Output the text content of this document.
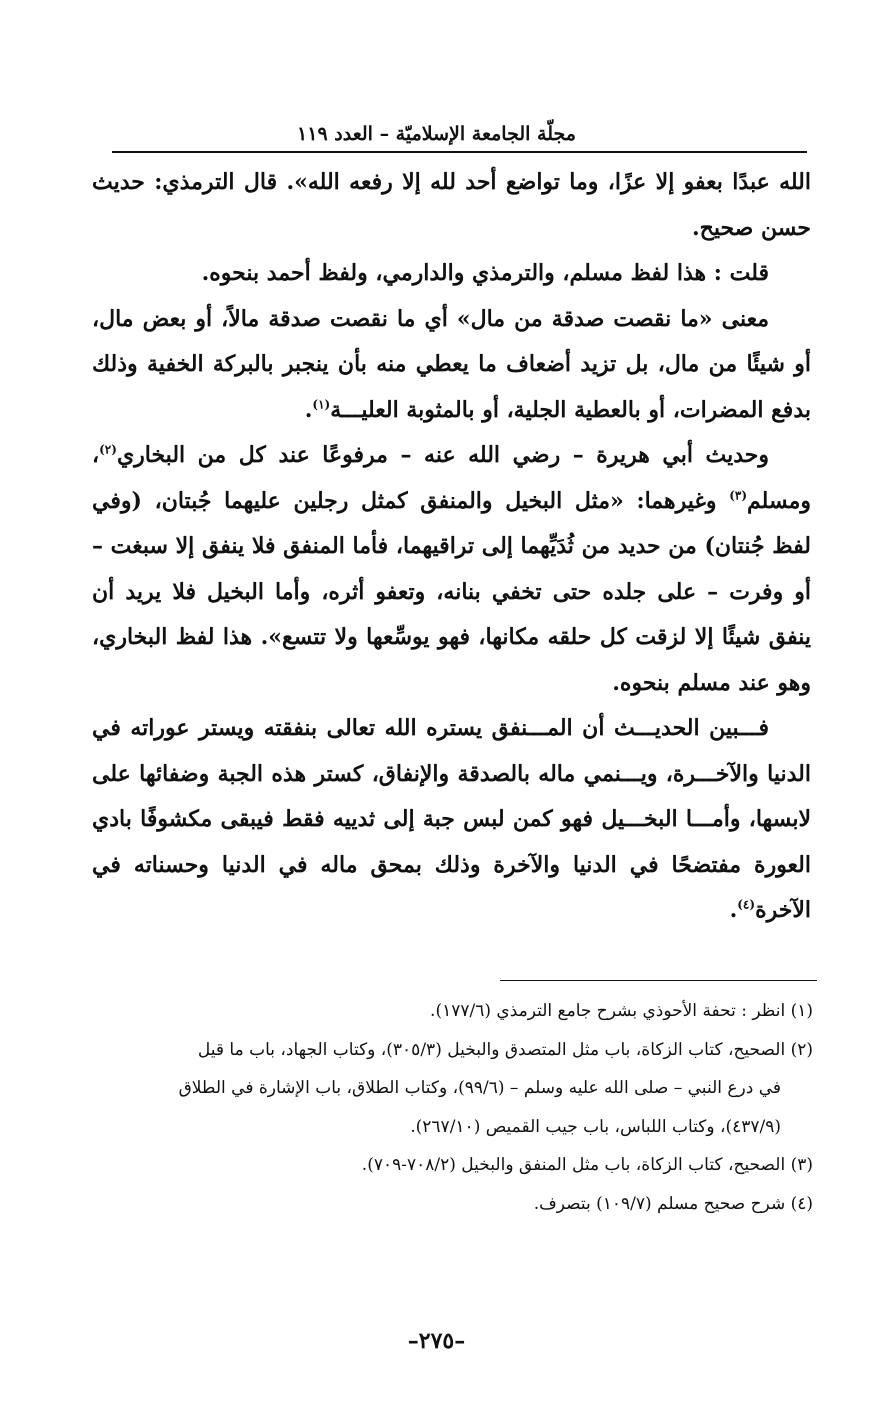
مجلّة الجامعة الإسلاميّة – العدد ١١٩

الله عبدًا بعفو إلا عزًا، وما تواضع أحد لله إلا رفعه الله». قال الترمذي: حديث حسن صحيح.

قلت : هذا لفظ مسلم، والترمذي والدارمي، ولفظ أحمد بنحوه.

معنى «ما نقصت صدقة من مال» أي ما نقصت صدقة مالاً، أو بعض مال، أو شيئًا من مال، بل تزيد أضعاف ما يعطي منه بأن ينجبر بالبركة الخفية وذلك بدفع المضرات، أو بالعطية الجلية، أو بالمثوبة العليـــة$^{(١)}$.

وحديث أبي هريرة – رضي الله عنه – مرفوعًا عند كل من البخاري$^{(٢)}$، ومسلم$^{(٣)}$ وغيرهما: «مثل البخيل والمنفق كمثل رجلين عليهما جُبتان، (وفي لفظ جُنتان) من حديد من ثُدَيِّهما إلى تراقيهما، فأما المنفق فلا ينفق إلا سبغت – أو وفرت – على جلده حتى تخفي بنانه، وتعفو أثره، وأما البخيل فلا يريد أن ينفق شيئًا إلا لزقت كل حلقه مكانها، فهو يوسِّعها ولا تتسع». هذا لفظ البخاري، وهو عند مسلم بنحوه.

فـــبين الحديـــث أن المـــنفق يستره الله تعالى بنفقته ويستر عوراته في الدنيا والآخـــرة، ويـــنمي ماله بالصدقة والإنفاق، كستر هذه الجبة وضفائها على لابسها، وأمـــا البخـــيل فهو كمن لبس جبة إلى ثدييه فقط فيبقى مكشوفًا بادي العورة مفتضحًا في الدنيا والآخرة وذلك بمحق ماله في الدنيا وحسناته في الآخرة$^{(٤)}$.

(١) انظر : تحفة الأحوذي بشرح جامع الترمذي (١٧٧/٦).

(٢) الصحيح، كتاب الزكاة، باب مثل المتصدق والبخيل (٣٠٥/٣)، وكتاب الجهاد، باب ما قيل

في درع النبي – صلى الله عليه وسلم – (٩٩/٦)، وكتاب الطلاق، باب الإشارة في الطلاق

(٤٣٧/٩)، وكتاب اللباس، باب جيب القميص (٢٦٧/١٠).

(٣) الصحيح، كتاب الزكاة، باب مثل المنفق والبخيل (٧٠٨/٢-٧٠٩).

(٤) شرح صحيح مسلم (١٠٩/٧) بتصرف.

–٢٧٥–
